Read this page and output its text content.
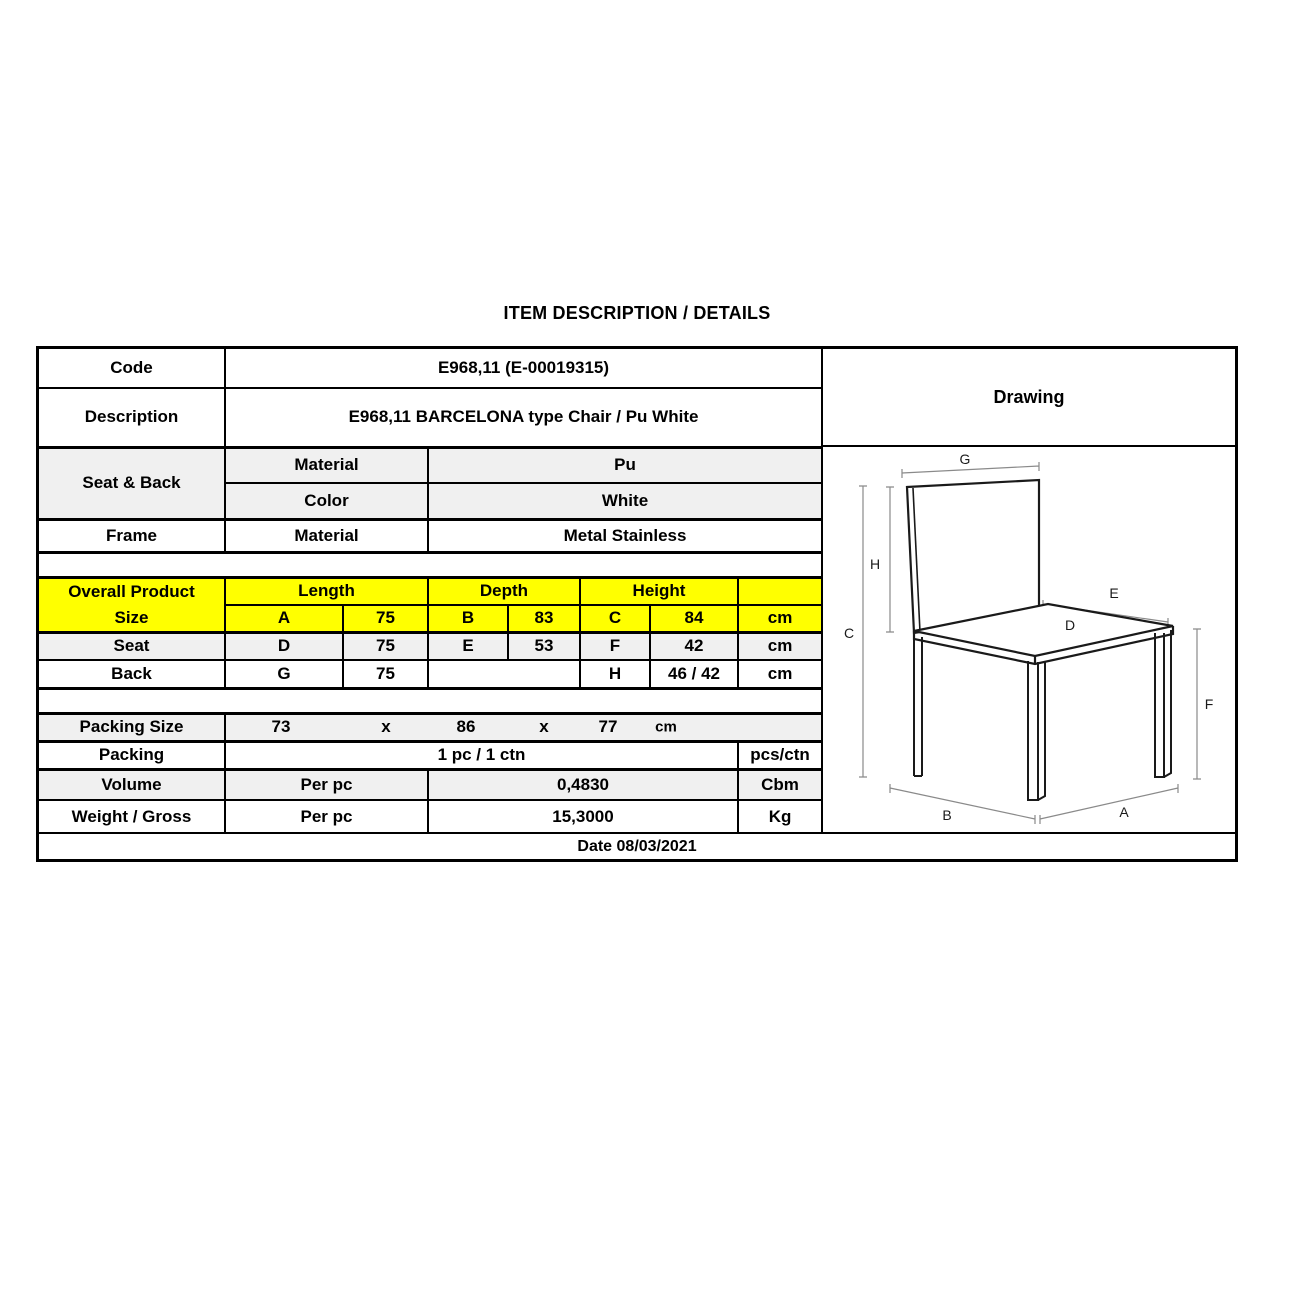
ITEM DESCRIPTION / DETAILS
Code	E968,11 (E-00019315)						
Description	E968,11 BARCELONA type Chair / Pu White						
Seat & Back	Material		Pu				
	Color		White				
Frame	Material		Metal Stainless				

Overall Product
Size	Length		Depth		Height		
	A	75	B	83	C	84	cm
Seat	D	75	E	53	F	42	cm
Back	G	75			H	46 / 42	cm

Packing Size	73	x	86	x	77	cm

Packing	1 pc / 1 ctn						pcs/ctn
Volume	Per pc		0,4830				Cbm
Weight / Gross	Per pc		15,3000				Kg
Drawing
G
H
C
E
D
F
B	A
Date 08/03/2021
